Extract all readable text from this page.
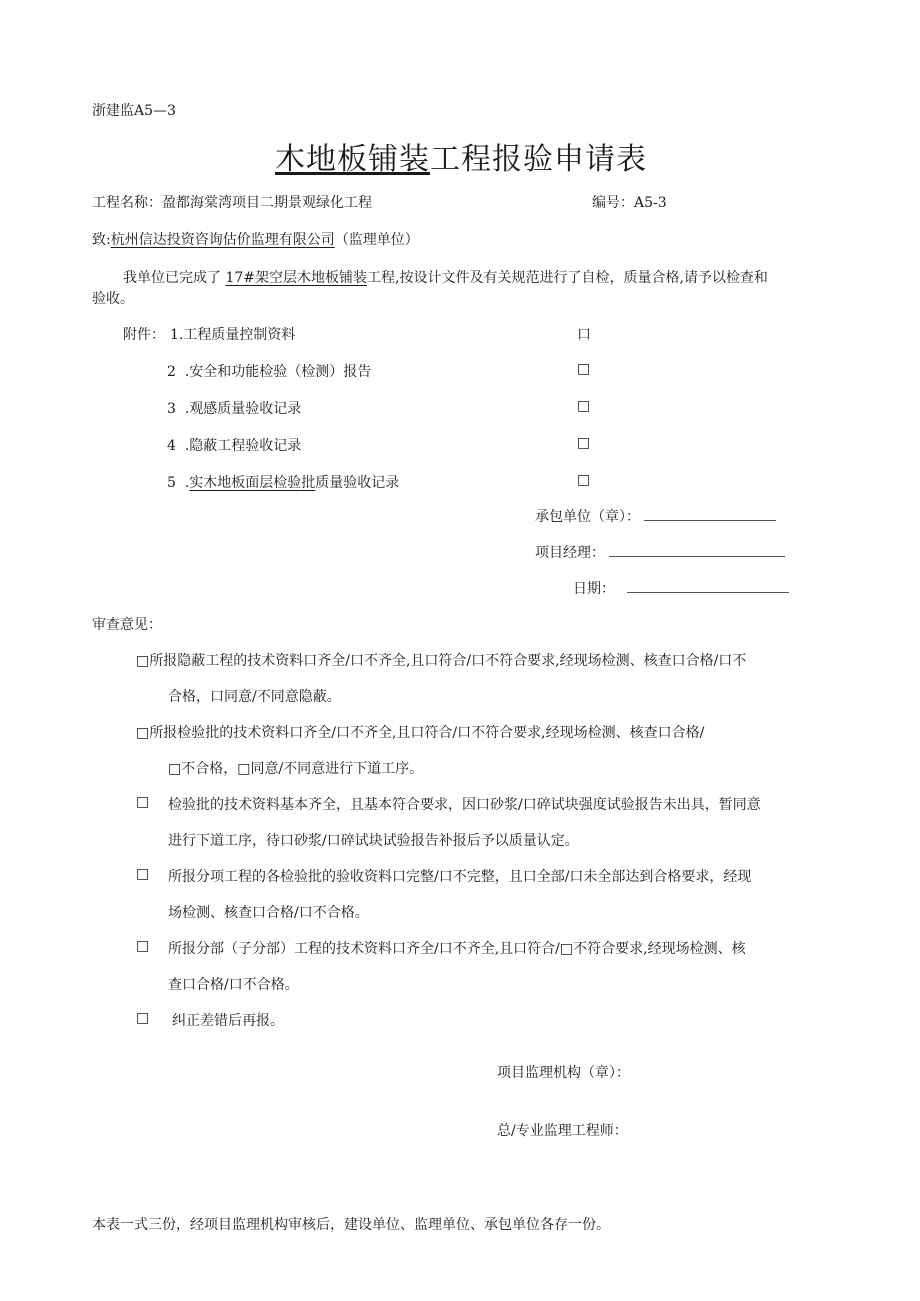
浙建监A5—3
木地板铺装工程报验申请表
工程名称：盈都海棠湾项目二期景观绿化工程	编号：A5-3
致:杭州信达投资咨询估价监理有限公司（监理单位）
我单位已完成了 17#架空层木地板铺装工程,按设计文件及有关规范进行了自检，质量合格,请予以检查和
验收。
附件： 1.工程质量控制资料	口
2 .安全和功能检验（检测）报告	□
3 .观感质量验收记录	□
4 .隐蔽工程验收记录	□
5 .实木地板面层检验批质量验收记录	□
承包单位（章）：
项目经理：
日期：
审查意见：
□所报隐蔽工程的技术资料口齐全/口不齐全,且口符合/口不符合要求,经现场检测、核查口合格/口不
合格，口同意/不同意隐蔽。
□所报检验批的技术资料口齐全/口不齐全,且口符合/口不符合要求,经现场检测、核查口合格/
□不合格，□同意/不同意进行下道工序。
□ 检验批的技术资料基本齐全，且基本符合要求，因口砂浆/口碎试块强度试验报告未出具，暂同意
进行下道工序，待口砂浆/口碎试块试验报告补报后予以质量认定。
□ 所报分项工程的各检验批的验收资料口完整/口不完整，且口全部/口未全部达到合格要求，经现
场检测、核查口合格/口不合格。
□ 所报分部（子分部）工程的技术资料口齐全/口不齐全,且口符合/□不符合要求,经现场检测、核
查口合格/口不合格。
□ 纠正差错后再报。
项目监理机构（章）：
总/专业监理工程师：
本表一式三份，经项目监理机构审核后，建设单位、监理单位、承包单位各存一份。
